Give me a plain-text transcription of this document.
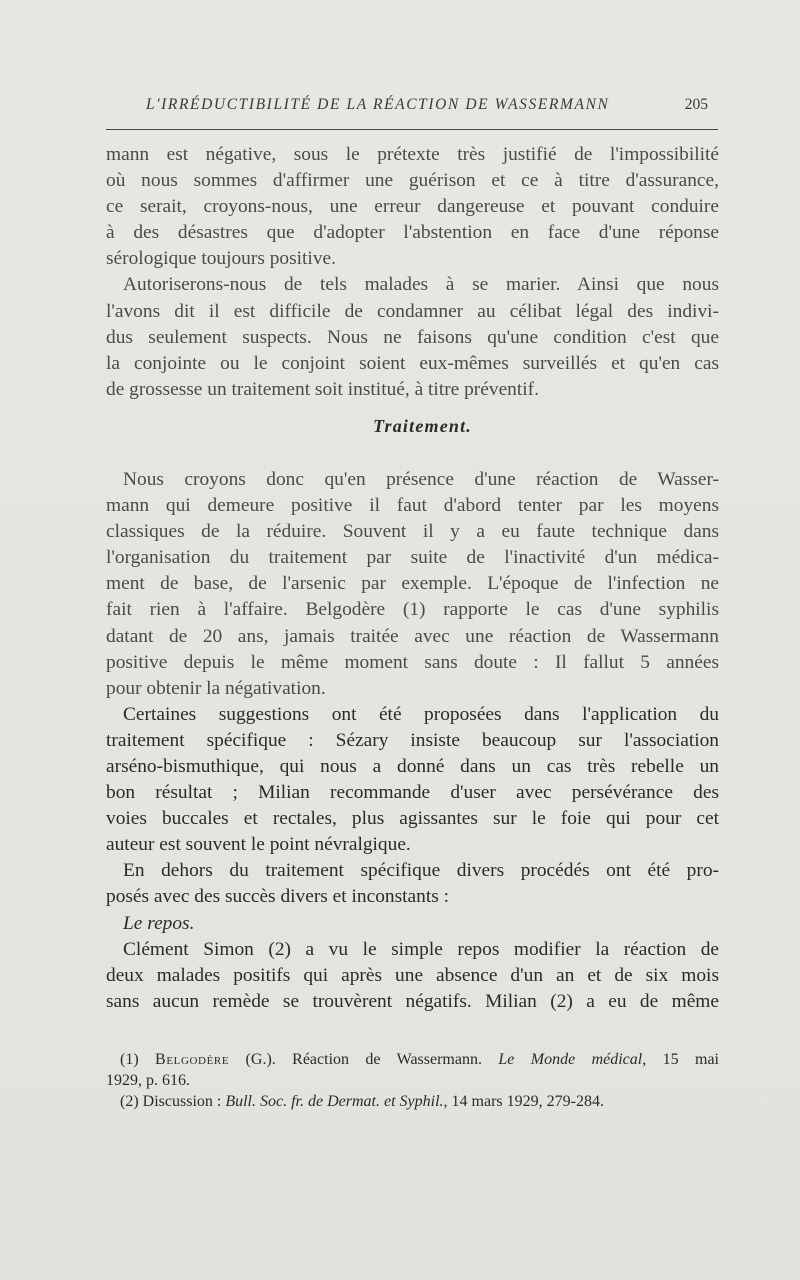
L'IRRÉDUCTIBILITÉ DE LA RÉACTION DE WASSERMANN	205
mann est négative, sous le prétexte très justifié de l'impossibilité
où nous sommes d'affirmer une guérison et ce à titre d'assurance,
ce serait, croyons-nous, une erreur dangereuse et pouvant conduire
à des désastres que d'adopter l'abstention en face d'une réponse
sérologique toujours positive.
Autoriserons-nous de tels malades à se marier. Ainsi que nous
l'avons dit il est difficile de condamner au célibat légal des indivi-
dus seulement suspects. Nous ne faisons qu'une condition c'est que
la conjointe ou le conjoint soient eux-mêmes surveillés et qu'en cas
de grossesse un traitement soit institué, à titre préventif.
Traitement.
Nous croyons donc qu'en présence d'une réaction de Wasser-
mann qui demeure positive il faut d'abord tenter par les moyens
classiques de la réduire. Souvent il y a eu faute technique dans
l'organisation du traitement par suite de l'inactivité d'un médica-
ment de base, de l'arsenic par exemple. L'époque de l'infection ne
fait rien à l'affaire. Belgodère (1) rapporte le cas d'une syphilis
datant de 20 ans, jamais traitée avec une réaction de Wassermann
positive depuis le même moment sans doute : Il fallut 5 années
pour obtenir la négativation.
Certaines suggestions ont été proposées dans l'application du
traitement spécifique : Sézary insiste beaucoup sur l'association
arséno-bismuthique, qui nous a donné dans un cas très rebelle un
bon résultat ; Milian recommande d'user avec persévérance des
voies buccales et rectales, plus agissantes sur le foie qui pour cet
auteur est souvent le point névralgique.
En dehors du traitement spécifique divers procédés ont été pro-
posés avec des succès divers et inconstants :
Le repos.
Clément Simon (2) a vu le simple repos modifier la réaction de
deux malades positifs qui après une absence d'un an et de six mois
sans aucun remède se trouvèrent négatifs. Milian (2) a eu de même
(1) Belgodère (G.). Réaction de Wassermann. Le Monde médical, 15 mai
1929, p. 616.
(2) Discussion : Bull. Soc. fr. de Dermat. et Syphil., 14 mars 1929, 279-284.
